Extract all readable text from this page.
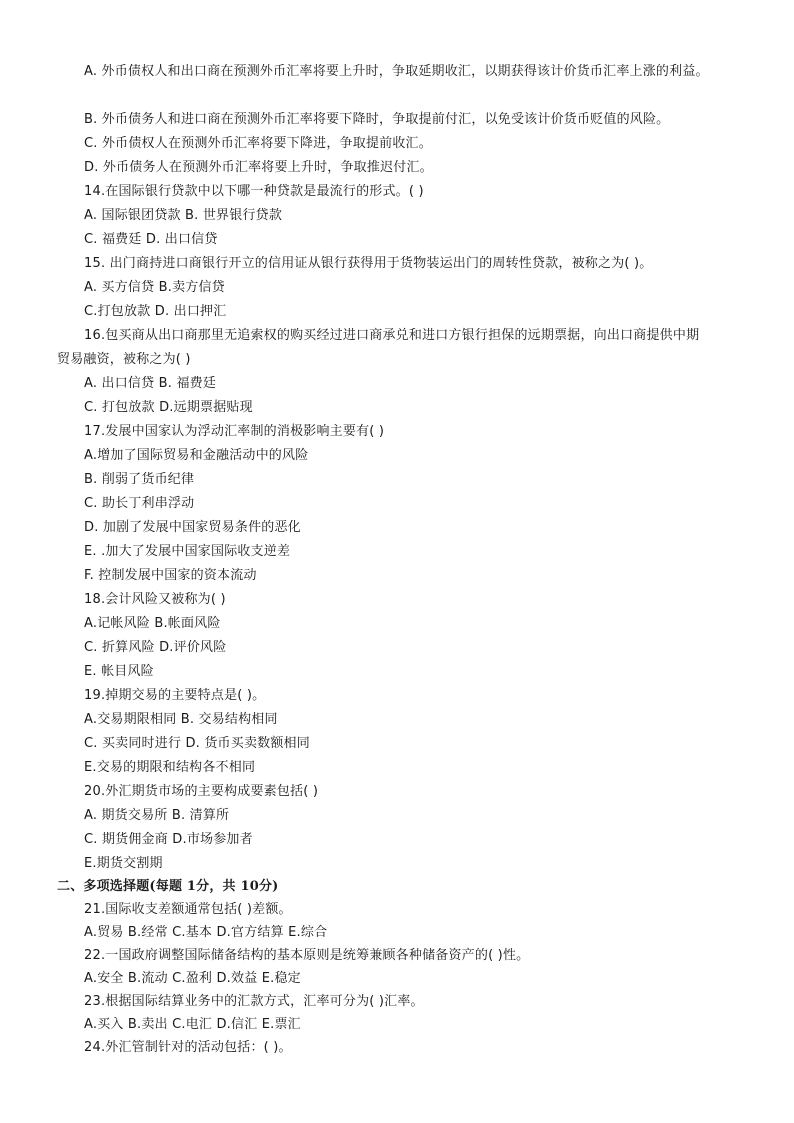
A. 外币债权人和出口商在预测外币汇率将要上升时，争取延期收汇，以期获得该计价货币汇率上涨的利益。
B. 外币债务人和进口商在预测外币汇率将要下降时，争取提前付汇，以免受该计价货币贬值的风险。
C. 外币债权人在预测外币汇率将要下降进，争取提前收汇。
D. 外币债务人在预测外币汇率将要上升时，争取推迟付汇。
14.在国际银行贷款中以下哪一种贷款是最流行的形式。( )
A. 国际银团贷款 B. 世界银行贷款
C. 福费廷 D. 出口信贷
15. 出门商持进口商银行开立的信用证从银行获得用于货物装运出门的周转性贷款，被称之为( )。
A. 买方信贷 B.卖方信贷
C.打包放款 D. 出口押汇
16.包买商从出口商那里无追索权的购买经过进口商承兑和进口方银行担保的远期票据，向出口商提供中期
贸易融资，被称之为( )
A. 出口信贷 B. 福费廷
C. 打包放款 D.远期票据贴现
17.发展中国家认为浮动汇率制的消极影响主要有( )
A.增加了国际贸易和金融活动中的风险
B. 削弱了货币纪律
C. 助长丁利串浮动
D. 加剧了发展中国家贸易条件的恶化
E. .加大了发展中国家国际收支逆差
F. 控制发展中国家的资本流动
18.会计风险又被称为( )
A.记帐风险 B.帐面风险
C. 折算风险 D.评价风险
E. 帐目风险
19.掉期交易的主要特点是( )。
A.交易期限相同 B. 交易结构相同
C. 买卖同时进行 D. 货币买卖数额相同
E.交易的期限和结构各不相同
20.外汇期货市场的主要构成要素包括( )
A. 期货交易所 B. 清算所
C. 期货佣金商 D.市场参加者
E.期货交割期
二、多项选择题(每题 1分，共 10分)
21.国际收支差额通常包括( )差额。
A.贸易 B.经常 C.基本 D.官方结算 E.综合
22.一国政府调整国际储备结构的基本原则是统筹兼顾各种储备资产的( )性。
A.安全 B.流动 C.盈利 D.效益 E.稳定
23.根据国际结算业务中的汇款方式，汇率可分为( )汇率。
A.买入 B.卖出 C.电汇 D.信汇 E.票汇
24.外汇管制针对的活动包括：( )。
